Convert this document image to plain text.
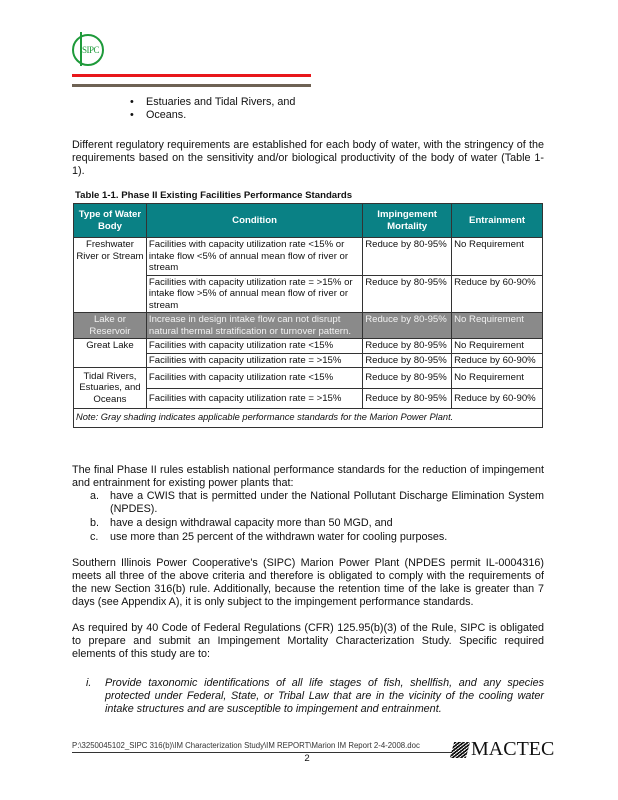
SIPC
• Estuaries and Tidal Rivers, and
• Oceans.
Different regulatory requirements are established for each body of water, with the stringency of the requirements based on the sensitivity and/or biological productivity of the body of water (Table 1-1).
Table 1-1. Phase II Existing Facilities Performance Standards
Type of Water Body	Condition	Impingement Mortality	Entrainment
Freshwater River or Stream	Facilities with capacity utilization rate <15% or intake flow <5% of annual mean flow of river or stream	Reduce by 80-95%	No Requirement
	Facilities with capacity utilization rate = >15% or intake flow >5% of annual mean flow of river or stream	Reduce by 80-95%	Reduce by 60-90%
Lake or Reservoir	Increase in design intake flow can not disrupt natural thermal stratification or turnover pattern.	Reduce by 80-95%	No Requirement
Great Lake	Facilities with capacity utilization rate <15%	Reduce by 80-95%	No Requirement
	Facilities with capacity utilization rate = >15%	Reduce by 80-95%	Reduce by 60-90%
Tidal Rivers, Estuaries, and Oceans	Facilities with capacity utilization rate <15%	Reduce by 80-95%	No Requirement
	Facilities with capacity utilization rate = >15%	Reduce by 80-95%	Reduce by 60-90%
Note: Gray shading indicates applicable performance standards for the Marion Power Plant.			
The final Phase II rules establish national performance standards for the reduction of impingement and entrainment for existing power plants that:
a. have a CWIS that is permitted under the National Pollutant Discharge Elimination System (NPDES).
b. have a design withdrawal capacity more than 50 MGD, and
c. use more than 25 percent of the withdrawn water for cooling purposes.
Southern Illinois Power Cooperative's (SIPC) Marion Power Plant (NPDES permit IL-0004316) meets all three of the above criteria and therefore is obligated to comply with the requirements of the new Section 316(b) rule. Additionally, because the retention time of the lake is greater than 7 days (see Appendix A), it is only subject to the impingement performance standards.
As required by 40 Code of Federal Regulations (CFR) 125.95(b)(3) of the Rule, SIPC is obligated to prepare and submit an Impingement Mortality Characterization Study. Specific required elements of this study are to:
i. Provide taxonomic identifications of all life stages of fish, shellfish, and any species protected under Federal, State, or Tribal Law that are in the vicinity of the cooling water intake structures and are susceptible to impingement and entrainment.
P:\3250045102_SIPC 316(b)\IM Characterization Study\IM REPORT\Marion IM Report 2-4-2008.doc
2	MACTEC
